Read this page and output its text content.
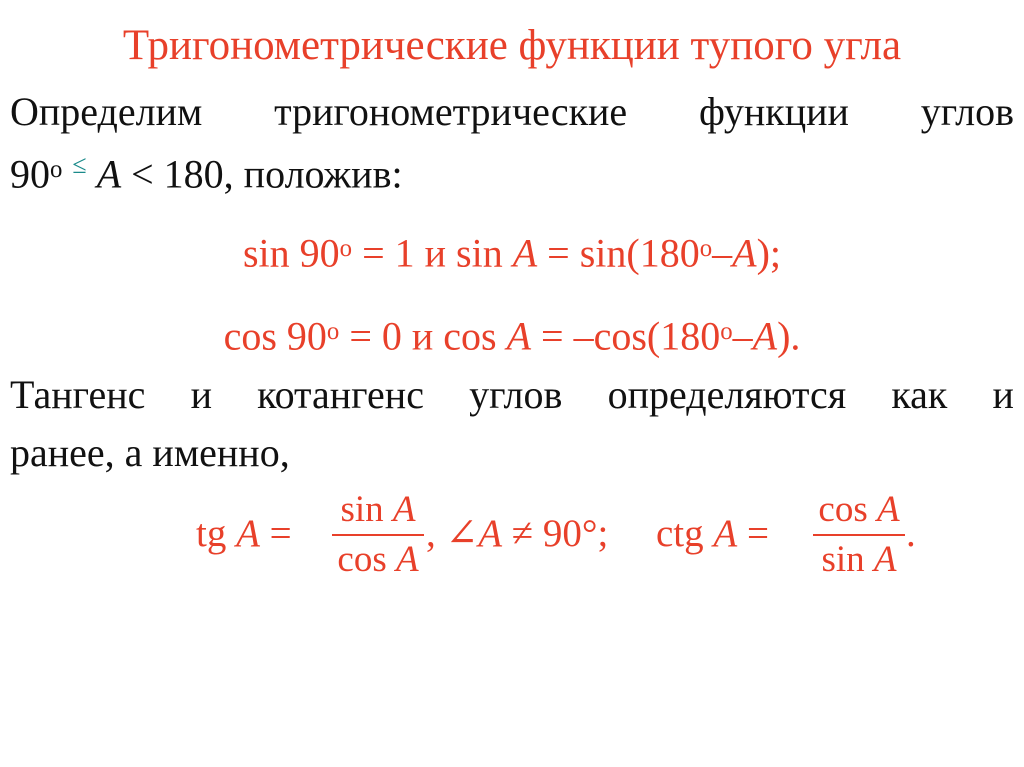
Тригонометрические функции тупого угла
Определим тригонометрические функции углов
90$^o$ ≤ A < 180, положив:
$\sin 90^o = 1$ и $\sin A = \sin(180^o-A)$;
$\cos 90^o = 0$ и $\cos A = -\cos(180^o-A)$.
Тангенс и котангенс углов определяются как и
ранее, а именно,
tg A =
sin A
cos A
, ∠A ≠ 90°; ctg A =
cos A
sin A
.
